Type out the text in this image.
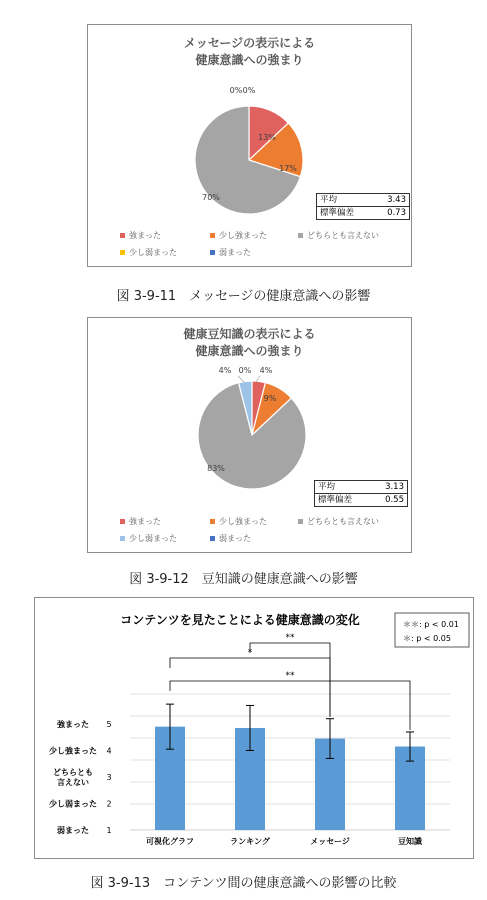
メッセージの表示による
健康意識への強まり
13%
17%
70%
0%
0%
平均	3.43
標準偏差	0.73
強まった	少し強まった	どちらとも言えない
少し弱まった	弱まった
図 3-9-11　メッセージの健康意識への影響
健康豆知識の表示による
健康意識への強まり
4%
9%
83%
4% 0%
平均	3.13
標準偏差	0.55
強まった	少し強まった	どちらとも言えない
少し弱まった	弱まった
図 3-9-12　豆知識の健康意識への影響
コンテンツを見たことによる健康意識の変化	＊＊: p < 0.01
＊: p < 0.05
1
弱まった
2
少し弱まった
3
どちらとも
言えない
4
少し強まった
5
強まった
可視化グラフ	ランキング	メッセージ	豆知識
**
*
**
図 3-9-13　コンテンツ間の健康意識への影響の比較
